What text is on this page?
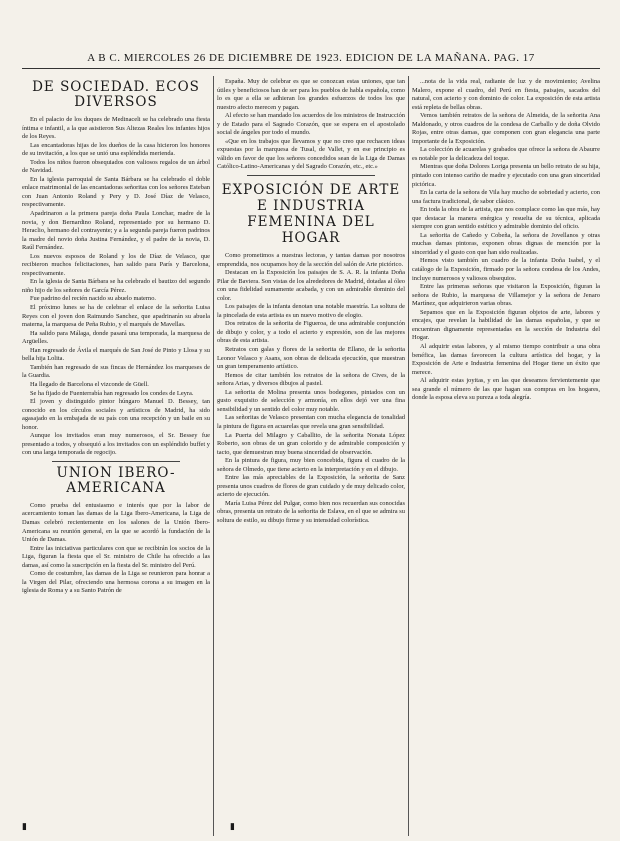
A B C. MIERCOLES 26 DE DICIEMBRE DE 1923. EDICION DE LA MAÑANA. PAG. 17
DE SOCIEDAD. ECOS DIVERSOS

En el palacio de los duques de Medinaceli se ha celebrado una fiesta íntima e infantil, a la que asistieron Sus Altezas Reales los infantes hijos de los Reyes.

Las encantadoras hijas de los dueños de la casa hicieron los honores de su invitación, a los que se unió una espléndida merienda.

Todos los niños fueron obsequiados con valiosos regalos de un árbol de Navidad.

En la iglesia parroquial de Santa Bárbara se ha celebrado el doble enlace matrimonial de las encantadoras señoritas con los señores Esteban con Juan Antonio Roland y Pery y D. José Díaz de Velasco, respectivamente.

Apadrinaron a la primera pareja doña Paula Lonchar, madre de la novia, y don Bernardino Roland, representado por su hermano D. Heraclio, hermano del contrayente; y a la segunda pareja fueron padrinos la madre del novio doña Justina Fernández, y el padre de la novia, D. Raúl Fernández.

Los nuevos esposos de Roland y los de Díaz de Velasco, que recibieron muchos felicitaciones, han salido para París y Barcelona, respectivamente.

En la iglesia de Santa Bárbara se ha celebrado el bautizo del segundo niño hijo de los señores de García Pérez.

Fue padrino del recién nacido su abuelo materno.

El próximo lunes se ha de celebrar el enlace de la señorita Luisa Reyes con el joven don Raimundo Sanchez, que apadrinarán su abuela materna, la marquesa de Peña Rubio, y el marqués de Mavellas.

Ha salido para Málaga, donde pasará una temporada, la marquesa de Argüelles.

Han regresado de Ávila el marqués de San José de Pinto y Llosa y su bella hija Lolita.

También han regresado de sus fincas de Hernández los marqueses de la Guardia.

Ha llegado de Barcelona el vizconde de Güell.

Se ha fijado de Fuenterrabía han regresado los condes de Leyra.

El joven y distinguido pintor húngaro Manuel D. Bessey, tan conocido en los círculos sociales y artísticos de Madrid, ha sido agasajado en la embajada de su país con una recepción y un baile en su honor.

Aunque los invitados eran muy numerosos, el Sr. Bessey fue presentado a todos, y obsequió a los invitados con un espléndido buffet y con una larga temporada de regocijo.

UNION IBERO-AMERICANA

Como prueba del entusiasmo e interés que por la labor de acercamiento toman las damas de la Liga Ibero-Americana, la Liga de Damas celebró recientemente en los salones de la Unión Ibero-Americana su reunión general, en la que se acordó la fundación de la Unión de Damas.

Entre las iniciativas particulares con que se recibirán los socios de la Liga, figuran la fiesta que el Sr. ministro de Chile ha ofrecido a las damas, así como la suscripción en la fiesta del Sr. ministro del Perú.

Como de costumbre, las damas de la Liga se reunieron para honrar a la Virgen del Pilar, ofreciendo una hermosa corona a su imagen en la iglesia de Roma y a su Santo Patrón de

España. Muy de celebrar es que se conozcan estas uniones, que tan útiles y beneficiosos han de ser para los pueblos de habla española, como lo es que a ella se adhieran los grandes esfuerzos de todos los que nuestro afecto merecen y pagan.

Al efecto se han mandado los acuerdos de los ministros de Instrucción y de Estado para el Sagrado Corazón, que se espera en el apostolado social de ángeles por todo el mundo.

«Que en los trabajos que llevamos y que no creo que rechacen ideas expuestas por la marquesa de Tusal, de Vallet, y en ese principio es válido en favor de que los señores concedidos sean de la Liga de Damas Católico-Latino-Americanas y del Sagrado Corazón, etc., etc.»

EXPOSICIÓN DE ARTE E INDUSTRIA FEMENINA DEL HOGAR

Como prometimos a nuestras lectoras, y tantas damas por nosotros emprendida, nos ocupamos hoy de la sección del salón de Arte pictórico.

Destacan en la Exposición los paisajes de S. A. R. la infanta Doña Pilar de Baviera. Son vistas de los alrededores de Madrid, dotadas al óleo con una fidelidad sumamente acabada, y con un admirable dominio del color.

Los paisajes de la infanta denotan una notable maestría. La soltura de la pincelada de esta artista es un nuevo motivo de elogio.

Dos retratos de la señorita de Figueroa, de una admirable conjunción de dibujo y color, y a todo el acierto y expresión, son de las mejores obras de esta artista.

Retratos con galas y flores de la señorita de Ellano, de la señorita Leonor Velasco y Asans, son obras de delicada ejecución, que muestran un gran temperamento artístico.

Hemos de citar también los retratos de la señora de Cives, de la señora Arias, y diversos dibujos al pastel.

La señorita de Molina presenta unos bodegones, pintados con un gusto exquisito de selección y armonía, en ellos dejó ver una fina sensibilidad y un sentido del color muy notable.

Las señoritas de Velasco presentan con mucha elegancia de tonalidad la pintura de figura en acuarelas que revela una gran sensibilidad.

La Puerta del Milagro y Caballito, de la señorita Nonata López Roberto, son obras de un gran colorido y de admirable composición y tacto, que demuestran muy buena sinceridad de observación.

En la pintura de figura, muy bien concebida, figura el cuadro de la señora de Olmedo, que tiene acierto en la interpretación y en el dibujo.

Entre las más apreciables de la Exposición, la señorita de Sanz presenta unos cuadros de flores de gran cuidado y de muy delicado color, acierto de ejecución.

María Luisa Pérez del Pulgar, como bien nos recuerdan sus conocidas obras, presenta un retrato de la señorita de Eslava, en el que se admira su soltura de estilo, su dibujo firme y su intensidad colorística.

...nota de la vida real, radiante de luz y de movimiento; Avelina Malero, expone el cuadro, del Perú en fiesta, paisajes, sacados del natural, con acierto y con dominio de color. La exposición de esta artista está repleta de bellas obras.

Vemos también retratos de la señora de Almeida, de la señorita Ana Maldonado, y otros cuadros de la condesa de Carballo y de doña Olvido Rojas, entre otras damas, que componen con gran elegancia una parte importante de la Exposición.

La colección de acuarelas y grabados que ofrece la señora de Abaurre es notable por la delicadeza del toque.

Mientras que doña Dolores Loriga presenta un bello retrato de su hija, pintado con intenso cariño de madre y ejecutado con una gran sinceridad pictórica.

En la carta de la señora de Vila hay mucho de sobriedad y acierto, con una factura tradicional, de sabor clásico.

En toda la obra de la artista, que nos complace como las que más, hay que destacar la manera enérgica y resuelta de su técnica, aplicada siempre con gran sentido estético y admirable dominio del oficio.

La señorita de Cañedo y Cobeña, la señora de Jovellanos y otras muchas damas pintoras, exponen obras dignas de mención por la sinceridad y el gusto con que han sido realizadas.

Hemos visto también un cuadro de la infanta Doña Isabel, y el catálogo de la Exposición, firmado por la señora condesa de los Andes, incluye numerosos y valiosos obsequios.

Entre las primeras señoras que visitaron la Exposición, figuran la señora de Rubio, la marquesa de Villamejor y la señora de Jenaro Martínez, que adquirieron varias obras.

Sepamos que en la Exposición figuran objetos de arte, labores y encajes, que revelan la habilidad de las damas españolas, y que se encuentran dignamente representadas en la sección de Industria del Hogar.

Al adquirir estas labores, y al mismo tiempo contribuir a una obra benéfica, las damas favorecen la cultura artística del hogar, y la Exposición de Arte e Industria femenina del Hogar tiene un éxito que merece.

Al adquirir estas joyitas, y en las que deseamos fervientemente que sea grande el número de las que hagan sus compras en los hogares, donde la esposa eleva su pureza a toda alegría.

▮	▮
